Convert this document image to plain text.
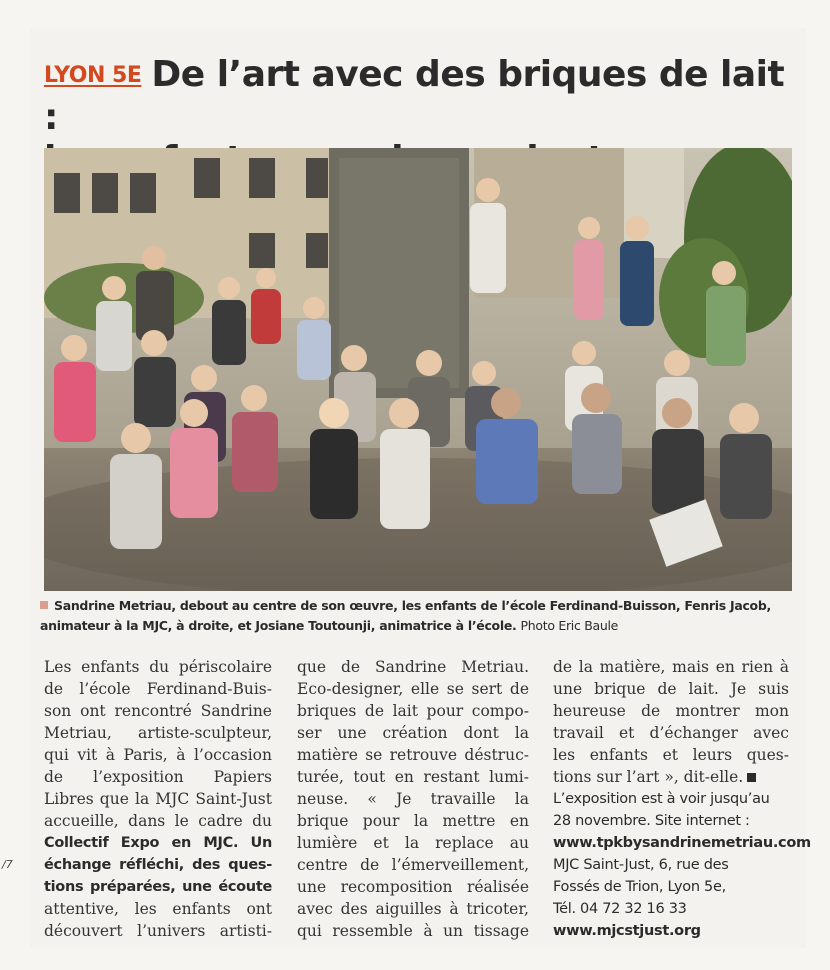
LYON 5E De l’art avec des briques de lait :
Sandrine Metriau, debout au centre de son œuvre, les enfants de l’école Ferdinand-Buisson, Fenris Jacob, animateur à la MJC, à droite, et Josiane Toutounji, animatrice à l’école. Photo Eric Baule
Les enfants du périscolaire
de l’école Ferdinand-Buis-
son ont rencontré Sandrine
Metriau, artiste-sculpteur,
qui vit à Paris, à l’occasion
de l’exposition Papiers
Libres que la MJC Saint-Just
accueille, dans le cadre du
Collectif Expo en MJC. Un
échange réfléchi, des ques-
tions préparées, une écoute
attentive, les enfants ont
découvert l’univers artisti-
que de Sandrine Metriau.
Eco-designer, elle se sert de
briques de lait pour compo-
ser une création dont la
matière se retrouve déstruc-
turée, tout en restant lumi-
neuse. « Je travaille la
brique pour la mettre en
lumière et la replace au
centre de l’émerveillement,
une recomposition réalisée
avec des aiguilles à tricoter,
qui ressemble à un tissage
de la matière, mais en rien à
une brique de lait. Je suis
heureuse de montrer mon
travail et d’échanger avec
les enfants et leurs ques-
tions sur l’art », dit-elle.
L’exposition est à voir jusqu’au
28 novembre. Site internet :
www.tpkbysandrinemetriau.com
MJC Saint-Just, 6, rue des
Fossés de Trion, Lyon 5e,
Tél. 04 72 32 16 33
www.mjcstjust.org
/7
